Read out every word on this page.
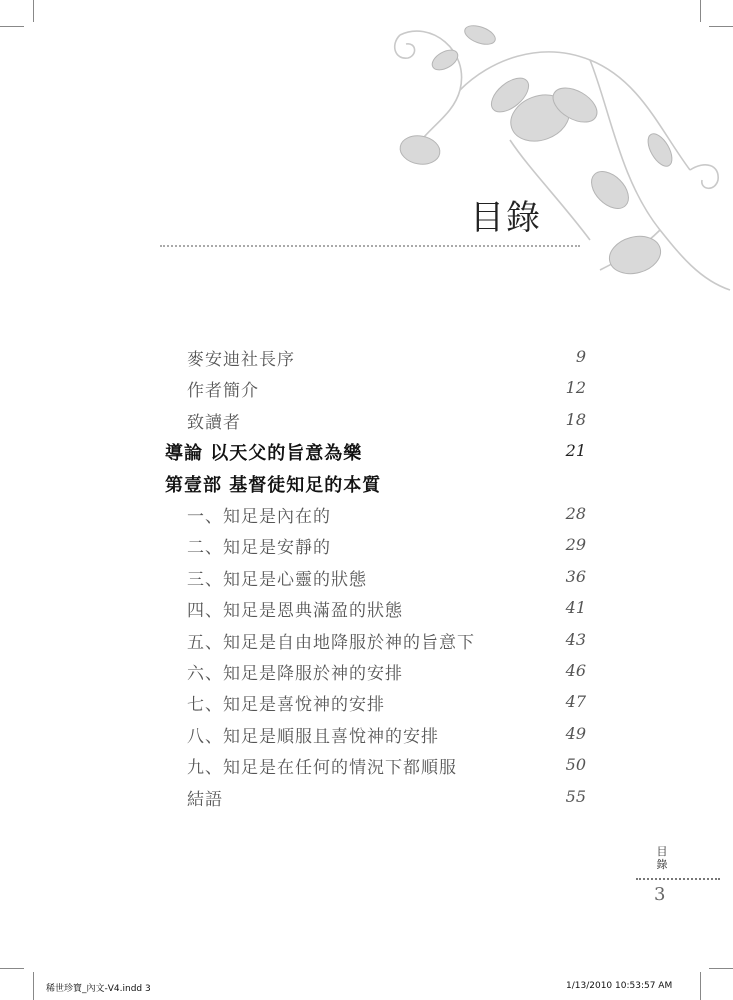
目錄
麥安迪社長序	9
作者簡介	12
致讀者	18
導論 以天父的旨意為樂	21
第壹部 基督徒知足的本質
一、知足是內在的	28
二、知足是安靜的	29
三、知足是心靈的狀態	36
四、知足是恩典滿盈的狀態	41
五、知足是自由地降服於神的旨意下	43
六、知足是降服於神的安排	46
七、知足是喜悅神的安排	47
八、知足是順服且喜悅神的安排	49
九、知足是在任何的情況下都順服	50
結語	55
目錄
3
稀世珍寶_內文-V4.indd 3	1/13/2010 10:53:57 AM
